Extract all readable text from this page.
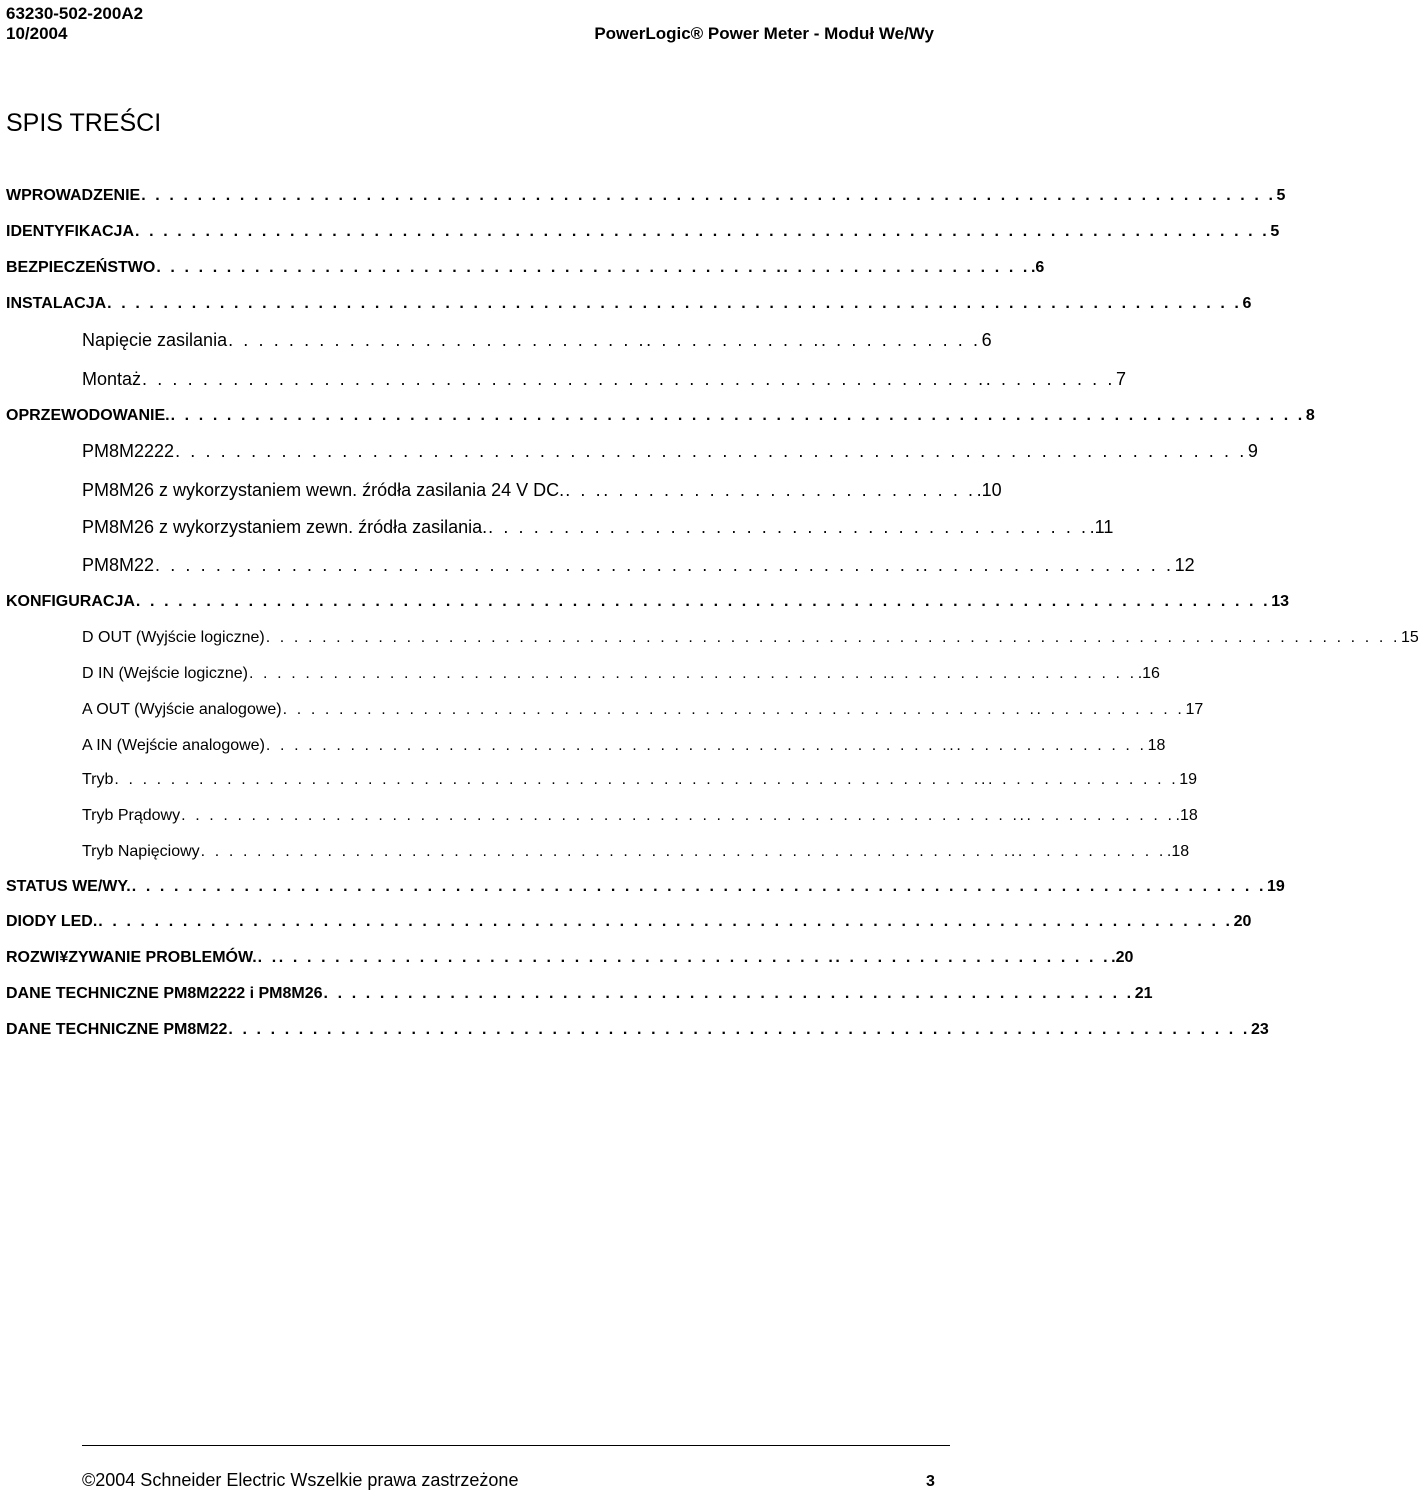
63230-502-200A2
10/2004	PowerLogic® Power Meter - Moduł We/Wy
SPIS TREŚCI
WPROWADZENIE . . . . . . . . . . . . . . . . . . . . . . . . . . . . . . . . . . . . . . . . . . . . . . . . . . . . . . . . . . . . . . . . . . . . . . . . . . . . . . . . . 5
IDENTYFIKACJA . . . . . . . . . . . . . . . . . . . . . . . . . . . . . . . . . . . . . . . . . . . . . . . . . . . . . . . . . . . . . . . . . . . . . . . . . . . . . . . . . 5
BEZPIECZEŃSTWO . . . . . . . . . . . . . . . . . . . . . . . . . . . . . . . . . . . . . . . . . . . . .. . . . . . . . . . . . . . . . . . .6
INSTALACJA . . . . . . . . . . . . . . . . . . . . . . . . . . . . . . . . . . . . . . . . . . . . . . . . . . . . . . . . . . . . . . . . . . . . . . . . . . . . . . . . . 6
Napięcie zasilania . . . . . . . . . . . . . . . . . . . . . . . . . . . .. . . . . . . . . . . .. . . . . . . . . . . 6
Montaż . . . . . . . . . . . . . . . . . . . . . . . . . . . . . . . . . . . . . . . . . . . . . . . . . . . . . . . .. . . . . . . . . 7
OPRZEWODOWANIE. . . . . . . . . . . . . . . . . . . . . . . . . . . . . . . . . . . . . . . . . . . . . . . . . . . . . . . . . . . . . . . . . . . . . . . . . . . . . . . . . . 8
PM8M2222 . . . . . . . . . . . . . . . . . . . . . . . . . . . . . . . . . . . . . . . . . . . . . . . . . . . . . . . . . . . . . . . . . . . . . . . 9
PM8M26 z wykorzystaniem wewn. źródła zasilania 24 V DC. . . .. . . . . . . . . . . . . . . . . . . . . . . . . .10
PM8M26 z wykorzystaniem zewn. źródła zasilania. . . . . . . . . . . . . . . . . . . . . . . . . . . . . . . . . . . . . . . . . .11
PM8M22 . . . . . . . . . . . . . . . . . . . . . . . . . . . . . . . . . . . . . . . . . . . . . . . . . . .. . . . . . . . . . . . . . . . . 12
KONFIGURACJA . . . . . . . . . . . . . . . . . . . . . . . . . . . . . . . . . . . . . . . . . . . . . . . . . . . . . . . . . . . . . . . . . . . . . . . . . . . . . . . . . 13
D OUT (Wyjście logiczne) . . . . . . . . . . . . . . . . . . . . . . . . . . . . . . . . . . . . . . . . . . . . . . . . . . . . . . . . . . . . . . . . . . . . . . . . . . . . . . . . . 15
D IN (Wejście logiczne) . . . . . . . . . . . . . . . . . . . . . . . . . . . . . . . . . . . . . . . . . . . . . .. . . . . . . . . . . . . . . . . . .16
A OUT (Wyjście analogowe) . . . . . . . . . . . . . . . . . . . . . . . . . . . . . . . . . . . . . . . . . . . . . . . . . . . . . .. . . . . . . . . . . 17
A IN (Wejście analogowe) . . . . . . . . . . . . . . . . . . . . . . . . . . . . . . . . . . . . . . . . . . . . . . . . ... . . . . . . . . . . . . . 18
Tryb . . . . . . . . . . . . . . . . . . . . . . . . . . . . . . . . . . . . . . . . . . . . . . . . . . . . . . . . . . . . . ... . . . . . . . . . . . . . 19
Tryb Prądowy . . . . . . . . . . . . . . . . . . . . . . . . . . . . . . . . . . . . . . . . . . . . . . . . . . . . . . . . . . . ... . . . . . . . . . . .18
Tryb Napięciowy . . . . . . . . . . . . . . . . . . . . . . . . . . . . . . . . . . . . . . . . . . . . . . . . . . . . . . . . . ... . . . . . . . . . . .18
STATUS WE/WY. . . . . . . . . . . . . . . . . . . . . . . . . . . . . . . . . . . . . . . . . . . . . . . . . . . . . . . . . . . . . . . . . . . . . . . . . . . . . . . . . . 19
DIODY LED. . . . . . . . . . . . . . . . . . . . . . . . . . . . . . . . . . . . . . . . . . . . . . . . . . . . . . . . . . . . . . . . . . . . . . . . . . . . . . . . . . 20
ROZWI¥ZYWANIE PROBLEMÓW. . .. . . . . . . . . . . . . . . . . . . . . . . . . . . . . . . . . . . . . . . .. . . . . . . . . . . . . . . . . . . . .20
DANE TECHNICZNE PM8M2222 i PM8M26 . . . . . . . . . . . . . . . . . . . . . . . . . . . . . . . . . . . . . . . . . . . . . . . . . . . . . . . . . . 21
DANE TECHNICZNE PM8M22 . . . . . . . . . . . . . . . . . . . . . . . . . . . . . . . . . . . . . . . . . . . . . . . . . . . . . . . . . . . . . . . . . . . . . . . . . 23
©2004 Schneider Electric Wszelkie prawa zastrzeżone	3
